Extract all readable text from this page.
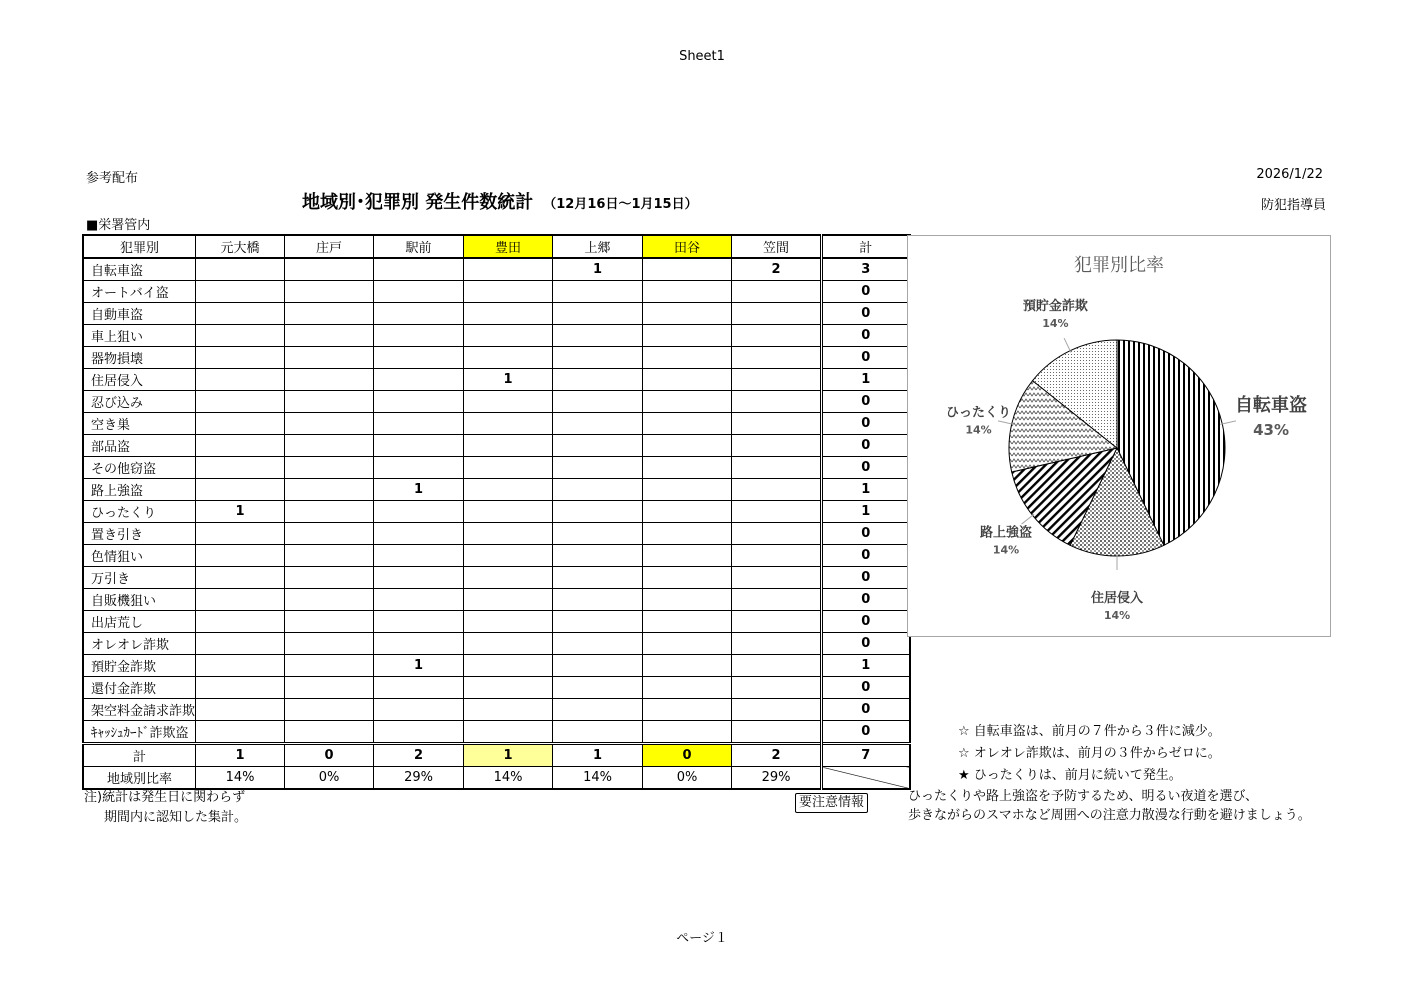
Sheet1
参考配布	2026/1/22
防犯指導員
地域別･犯罪別 発生件数統計 （12月16日～1月15日）
■栄署管内
犯罪別	元大橋	庄戸	駅前	豊田	上郷	田谷	笠間	計
自転車盗					1		2	3
オートバイ盗								0
自動車盗								0
車上狙い								0
器物損壊								0
住居侵入				1				1
忍び込み								0
空き巣								0
部品盗								0
その他窃盗								0
路上強盗			1					1
ひったくり	1							1
置き引き								0
色情狙い								0
万引き								0
自販機狙い								0
出店荒し								0
オレオレ詐欺								0
預貯金詐欺			1					1
還付金詐欺								0
架空料金請求詐欺								0
ｷｬｯｼｭｶｰﾄﾞ詐欺盗								0
計	1	0	2	1	1	0	2	7
地域別比率	14%	0%	29%	14%	14%	0%	29%	
注)統計は発生日に関わらず
期間内に認知した集計。
要注意情報
犯罪別比率
自転車盗
43%
住居侵入
14%
路上強盗
14%
ひったくり
14%
預貯金詐欺
14%
☆ 自転車盗は、前月の７件から３件に減少。
☆ オレオレ詐欺は、前月の３件からゼロに。
★ ひったくりは、前月に続いて発生。
ひったくりや路上強盗を予防するため、明るい夜道を選び、
歩きながらのスマホなど周囲への注意力散漫な行動を避けましょう。
ページ１
